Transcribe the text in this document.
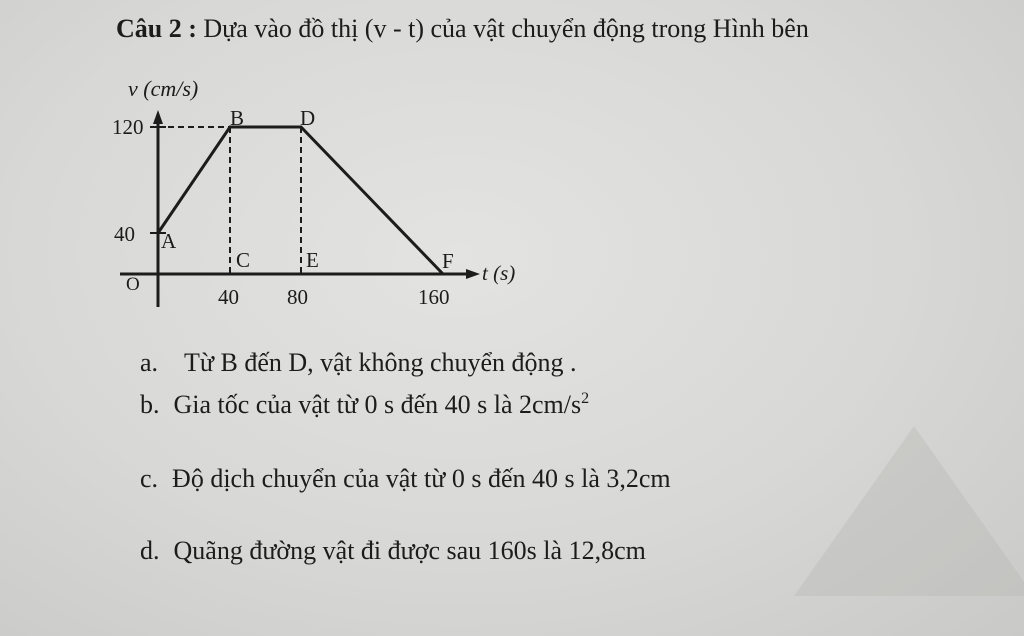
Câu 2 : Dựa vào đồ thị (v - t) của vật chuyển động trong Hình bên
v (cm/s)
t (s)
O
120
40
40 80	160
A
B
C
D
E	F
a. Từ B đến D, vật không chuyển động .
b. Gia tốc của vật từ 0 s đến 40 s là $2cm/s^2$
c. Độ dịch chuyển của vật từ 0 s đến 40 s là 3,2cm
d. Quãng đường vật đi được sau 160s là 12,8cm
